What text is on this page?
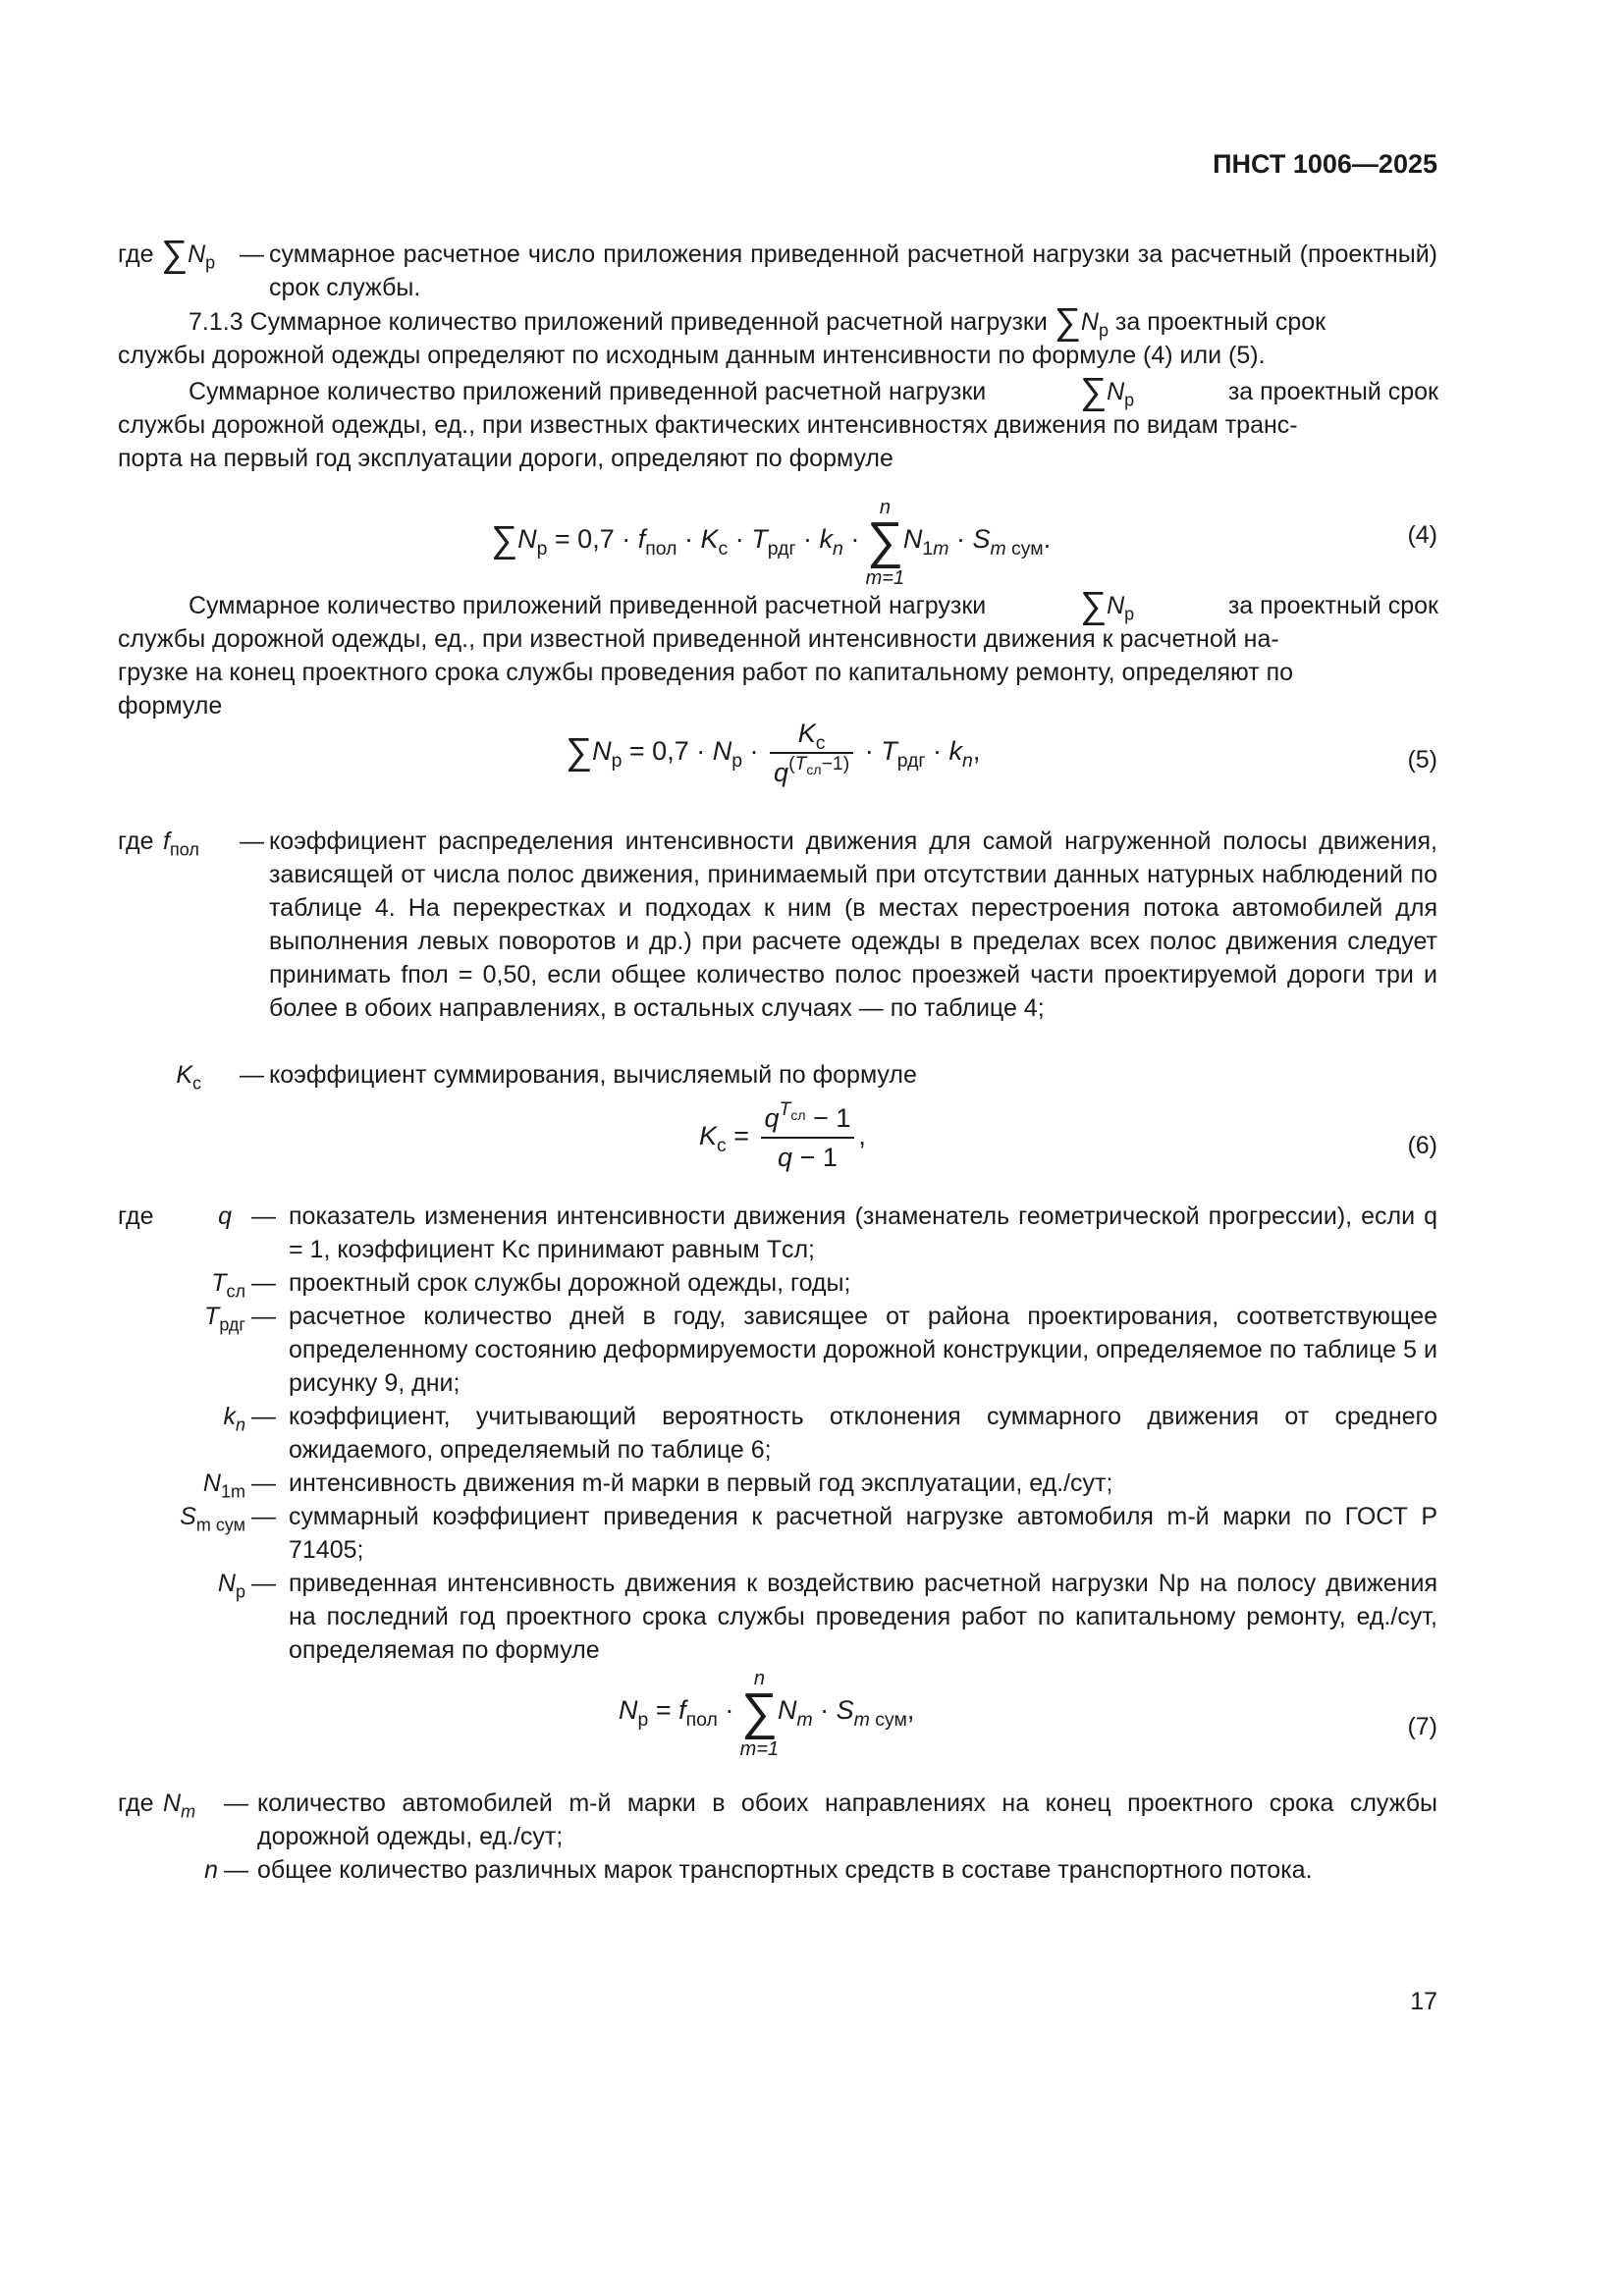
ПНСТ 1006—2025
где $\sum N_р$ — суммарное расчетное число приложения приведенной расчетной нагрузки за расчетный (проектный) срок службы.
7.1.3 Суммарное количество приложений приведенной расчетной нагрузки $\sum N_р$ за проектный срок
службы дорожной одежды определяют по исходным данным интенсивности по формуле (4) или (5).
Суммарное количество приложений приведенной расчетной нагрузки	$\sum N_р$	за проектный срок
службы дорожной одежды, ед., при известных фактических интенсивностях движения по видам транс-
порта на первый год эксплуатации дороги, определяют по формуле
$\sum N_р = 0,7 \cdot f_{пол} \cdot K_с \cdot T_{рдг} \cdot k_n$ · ∑
n
m=1
$N_{1m} \cdot S_{m сум}$.	(4)
Суммарное количество приложений приведенной расчетной нагрузки	$\sum N_р$	за проектный срок
службы дорожной одежды, ед., при известной приведенной интенсивности движения к расчетной на-
грузке на конец проектного срока службы проведения работ по капитальному ремонту, определяют по
формуле
$\sum N_р = 0,7 \cdot N_р \cdot \frac{K_с}{q^{(T_{сл}-1)}} \cdot T_{рдг} \cdot k_n$,	(5)
где $f_{пол}$ — коэффициент распределения интенсивности движения для самой нагруженной полосы движения, зависящей от числа полос движения, принимаемый при отсутствии данных натурных наблюдений по таблице 4. На перекрестках и подходах к ним (в местах перестроения потока автомобилей для выполнения левых поворотов и др.) при расчете одежды в пределах всех полос движения следует принимать fпол = 0,50, если общее количество полос проезжей части проектируемой дороги три и более в обоих направлениях, в остальных случаях — по таблице 4;
$K_с$ — коэффициент суммирования, вычисляемый по формуле
$K_с = \frac{q^{T_{сл}} - 1}{q - 1}$ ,	(6)
где	q — показатель изменения интенсивности движения (знаменатель геометрической прогрессии), если q = 1, коэффициент Kс принимают равным Tсл;
$T_{сл}$ — проектный срок службы дорожной одежды, годы;
$T_{рдг}$ — расчетное количество дней в году, зависящее от района проектирования, соответствующее определенному состоянию деформируемости дорожной конструкции, определяемое по таблице 5 и рисунку 9, дни;
$k_n$ — коэффициент, учитывающий вероятность отклонения суммарного движения от среднего ожидаемого, определяемый по таблице 6;
$N_{1m}$ — интенсивность движения m-й марки в первый год эксплуатации, ед./сут;
$S_{m сум}$ — суммарный коэффициент приведения к расчетной нагрузке автомобиля m-й марки по ГОСТ Р 71405;
$N_р$ — приведенная интенсивность движения к воздействию расчетной нагрузки Nр на полосу движения на последний год проектного срока службы проведения работ по капитальному ремонту, ед./сут, определяемая по формуле
$N_р = f_{пол}$ · ∑
n
m=1
$N_m \cdot S_{m сум}$,
(7)
где $N_m$ — количество автомобилей m-й марки в обоих направлениях на конец проектного срока службы дорожной одежды, ед./сут;
n — общее количество различных марок транспортных средств в составе транспортного потока.
17
